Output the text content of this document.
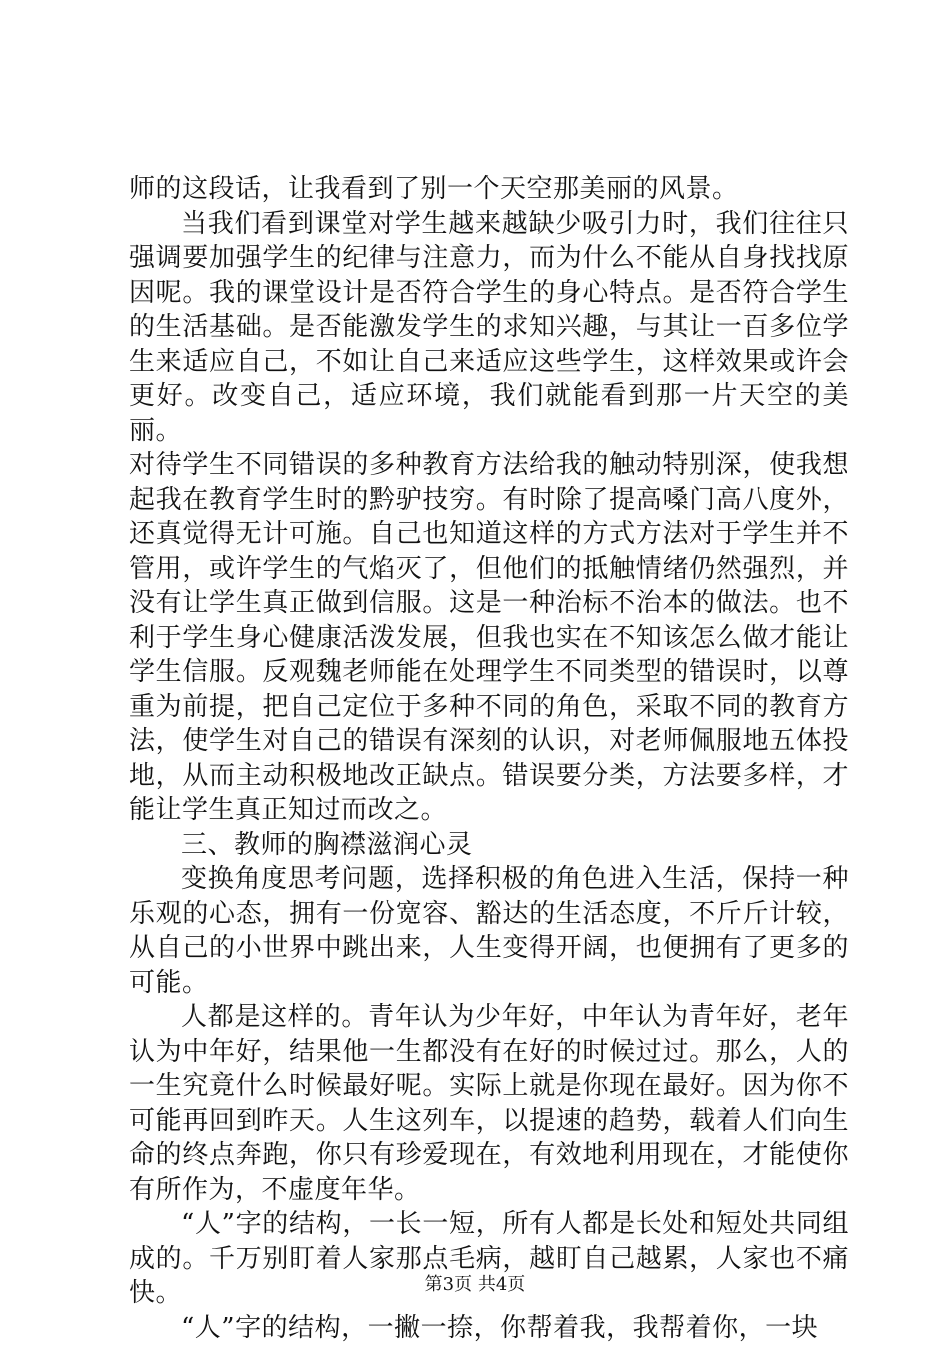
师的这段话，让我看到了别一个天空那美丽的风景。

当我们看到课堂对学生越来越缺少吸引力时，我们往往只强调要加强学生的纪律与注意力，而为什么不能从自身找找原因呢。我的课堂设计是否符合学生的身心特点。是否符合学生的生活基础。是否能激发学生的求知兴趣，与其让一百多位学生来适应自己，不如让自己来适应这些学生，这样效果或许会更好。改变自己，适应环境，我们就能看到那一片天空的美丽。

对待学生不同错误的多种教育方法给我的触动特别深，使我想起我在教育学生时的黔驴技穷。有时除了提高嗓门高八度外，还真觉得无计可施。自己也知道这样的方式方法对于学生并不管用，或许学生的气焰灭了，但他们的抵触情绪仍然强烈，并没有让学生真正做到信服。这是一种治标不治本的做法。也不利于学生身心健康活泼发展，但我也实在不知该怎么做才能让学生信服。反观魏老师能在处理学生不同类型的错误时，以尊重为前提，把自己定位于多种不同的角色，采取不同的教育方法，使学生对自己的错误有深刻的认识，对老师佩服地五体投地，从而主动积极地改正缺点。错误要分类，方法要多样，才能让学生真正知过而改之。

三、教师的胸襟滋润心灵

变换角度思考问题，选择积极的角色进入生活，保持一种乐观的心态，拥有一份宽容、豁达的生活态度，不斤斤计较，从自己的小世界中跳出来，人生变得开阔，也便拥有了更多的可能。

人都是这样的。青年认为少年好，中年认为青年好，老年认为中年好，结果他一生都没有在好的时候过过。那么，人的一生究竟什么时候最好呢。实际上就是你现在最好。因为你不可能再回到昨天。人生这列车，以提速的趋势，载着人们向生命的终点奔跑，你只有珍爱现在，有效地利用现在，才能使你有所作为，不虚度年华。

“人”字的结构，一长一短，所有人都是长处和短处共同组成的。千万别盯着人家那点毛病，越盯自己越累，人家也不痛快。

“人”字的结构，一撇一捺，你帮着我，我帮着你，一块

第3页 共4页
